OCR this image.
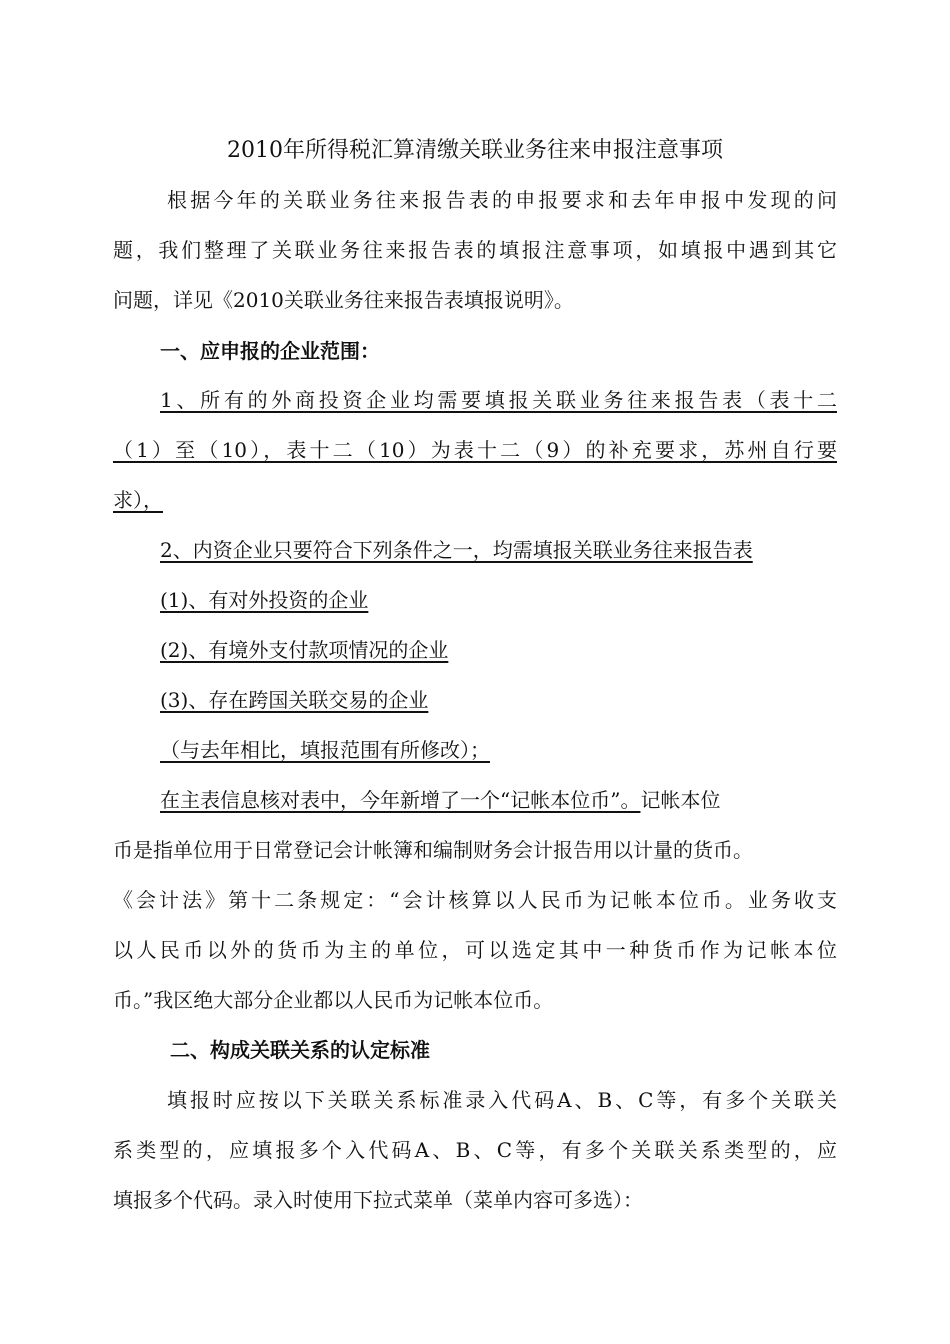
2010年所得税汇算清缴关联业务往来申报注意事项
根据今年的关联业务往来报告表的申报要求和去年申报中发现的问
题，我们整理了关联业务往来报告表的填报注意事项，如填报中遇到其它
问题，详见《2010关联业务往来报告表填报说明》。
一、应申报的企业范围：
1、所有的外商投资企业均需要填报关联业务往来报告表（表十二
（1）至（10），表十二（10）为表十二（9）的补充要求，苏州自行要
求），
2、内资企业只要符合下列条件之一，均需填报关联业务往来报告表
(1)、有对外投资的企业
(2)、有境外支付款项情况的企业
(3)、存在跨国关联交易的企业
（与去年相比，填报范围有所修改）；
在主表信息核对表中，今年新增了一个“记帐本位币”。记帐本位
币是指单位用于日常登记会计帐簿和编制财务会计报告用以计量的货币。
《会计法》第十二条规定：“会计核算以人民币为记帐本位币。业务收支
以人民币以外的货币为主的单位，可以选定其中一种货币作为记帐本位
币。”我区绝大部分企业都以人民币为记帐本位币。
二、构成关联关系的认定标准
填报时应按以下关联关系标准录入代码A、B、C等，有多个关联关
系类型的，应填报多个入代码A、B、C等，有多个关联关系类型的，应
填报多个代码。录入时使用下拉式菜单（菜单内容可多选）：
